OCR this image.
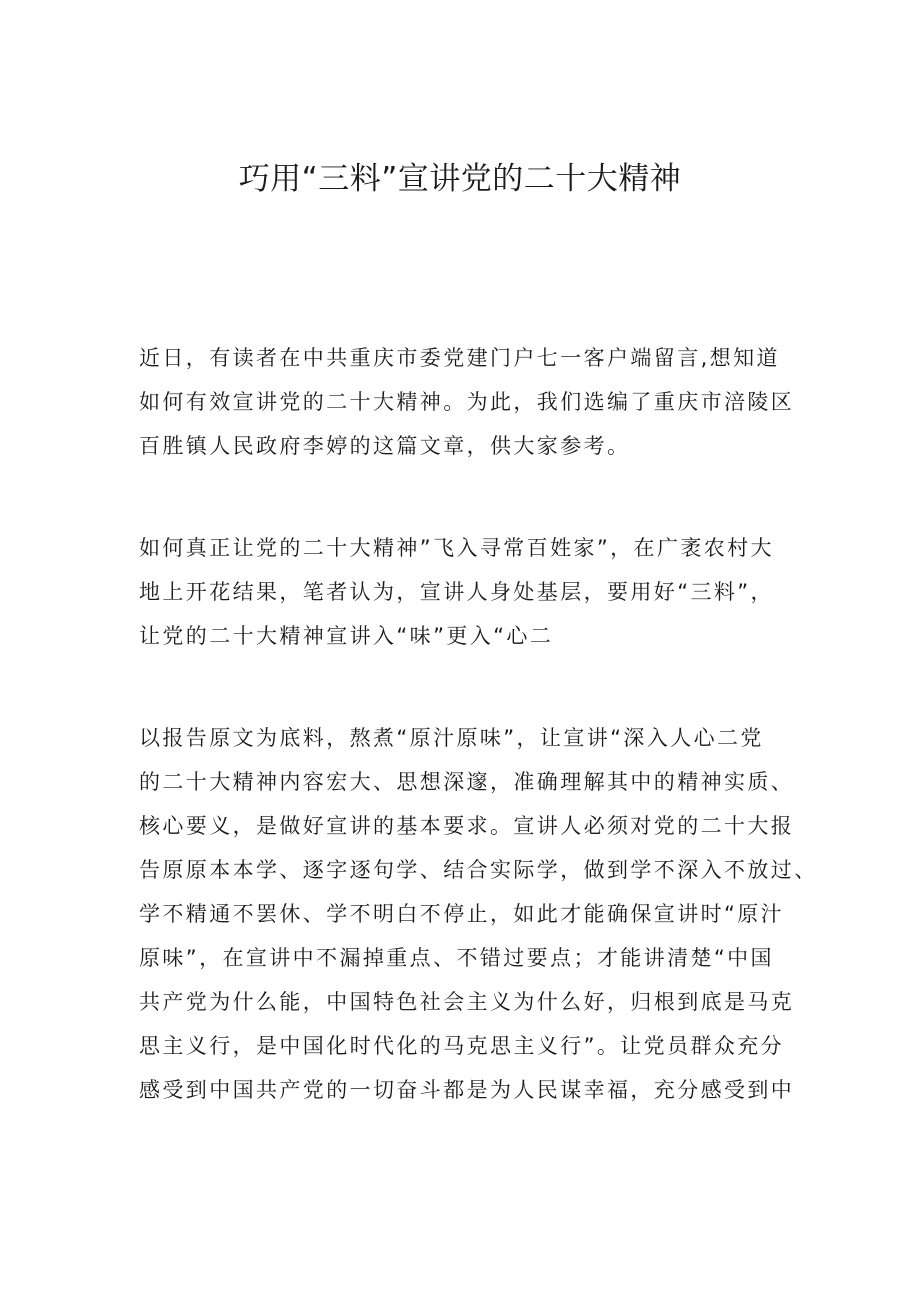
巧用“三料”宣讲党的二十大精神
近日，有读者在中共重庆市委党建门户七一客户端留言,想知道
如何有效宣讲党的二十大精神。为此，我们选编了重庆市涪陵区
百胜镇人民政府李婷的这篇文章，供大家参考。
如何真正让党的二十大精神”飞入寻常百姓家”，在广袤农村大
地上开花结果，笔者认为，宣讲人身处基层，要用好“三料”，
让党的二十大精神宣讲入“味”更入“心二
以报告原文为底料，熬煮“原汁原味”，让宣讲“深入人心二党
的二十大精神内容宏大、思想深邃，准确理解其中的精神实质、
核心要义，是做好宣讲的基本要求。宣讲人必须对党的二十大报
告原原本本学、逐字逐句学、结合实际学，做到学不深入不放过、
学不精通不罢休、学不明白不停止，如此才能确保宣讲时“原汁
原味”，在宣讲中不漏掉重点、不错过要点；才能讲清楚“中国
共产党为什么能，中国特色社会主义为什么好，归根到底是马克
思主义行，是中国化时代化的马克思主义行”。让党员群众充分
感受到中国共产党的一切奋斗都是为人民谋幸福，充分感受到中
